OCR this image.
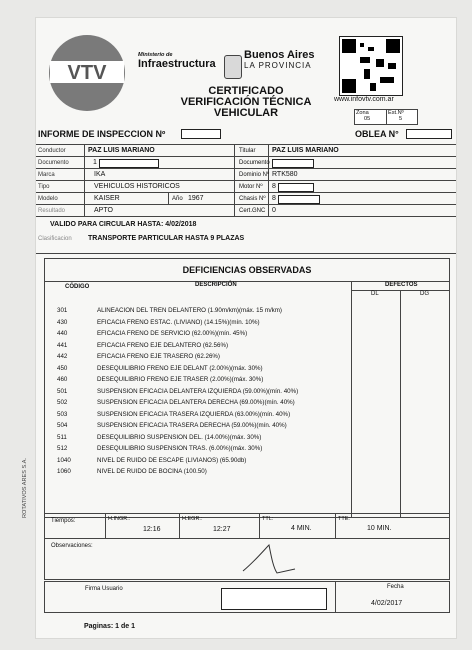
VTV
Ministerio de
Infraestructura
Buenos Aires
LA PROVINCIA
CERTIFICADO
VERIFICACIÓN TÉCNICA
VEHICULAR
www.infovtv.com.ar
Zona
05
Est.Nº
5
INFORME DE INSPECCION Nº	OBLEA N°
Conductor	PAZ LUIS MARIANO	Titular PAZ LUIS MARIANO
Documento	1	Documento
Marca	IKA	Dominio Nº RTK580
Tipo	VEHICULOS HISTORICOS	Motor Nº 8
Modelo	KAISER	Año 1967	Chasis Nº 8
Resultado	APTO	Cert.GNC 0
VALIDO PARA CIRCULAR HASTA: 4/02/2018
Clasificacion TRANSPORTE PARTICULAR HASTA 9 PLAZAS
DEFICIENCIAS OBSERVADAS
CÓDIGO	DESCRIPCIÓN	DEFECTOS
DL	DG
301	ALINEACION DEL TREN DELANTERO (1.90m/km)(máx. 15 m/km)
430	EFICACIA FRENO ESTAC. (LIVIANO) (14.15%)(mín. 10%)
440	EFICACIA FRENO DE SERVICIO (62.00%)(mín. 45%)
441	EFICACIA FRENO EJE DELANTERO (62.56%)
442	EFICACIA FRENO EJE TRASERO (62.26%)
450	DESEQUILIBRIO FRENO EJE DELANT (2.00%)(máx. 30%)
460	DESEQUILIBRIO FRENO EJE TRASER (2.00%)(máx. 30%)
501	SUSPENSION EFICACIA DELANTERA IZQUIERDA (59.00%)(mín. 40%)
502	SUSPENSION EFICACIA DELANTERA DERECHA (69.00%)(mín. 40%)
503	SUSPENSION EFICACIA TRASERA IZQUIERDA (63.00%)(mín. 40%)
504	SUSPENSION EFICACIA TRASERA DERECHA (59.00%)(mín. 40%)
511	DESEQUILIBRIO SUSPENSION DEL. (14.00%)(máx. 30%)
512	DESEQUILIBRIO SUSPENSION TRAS. (6.00%)(máx. 30%)
1040	NIVEL DE RUIDO DE ESCAPE (LIVIANOS) (65.90db)
1060	NIVEL DE RUIDO DE BOCINA (100.50)
Tiempos:	H.INGR.:
12:16
H.EGR.:
12:27
TTL:
4 MIN.
TTE:
10 MIN.
Observaciones:
Firma Usuario	Fecha
4/02/2017
Paginas: 1 de 1
ROTATIVOS ARES S.A.
